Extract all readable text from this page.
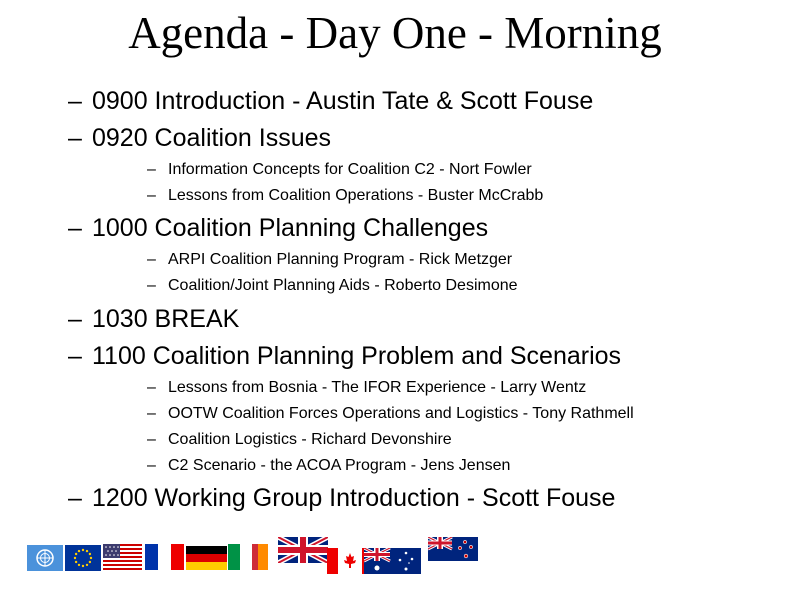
Agenda - Day One - Morning
– 0900 Introduction - Austin Tate & Scott Fouse
– 0920 Coalition Issues
– Information Concepts for Coalition C2 - Nort Fowler
– Lessons from Coalition Operations - Buster McCrabb
– 1000 Coalition Planning Challenges
– ARPI Coalition Planning Program - Rick Metzger
– Coalition/Joint Planning Aids - Roberto Desimone
– 1030 BREAK
– 1100 Coalition Planning Problem and Scenarios
– Lessons from Bosnia - The IFOR Experience - Larry Wentz
– OOTW Coalition Forces Operations and Logistics - Tony Rathmell
– Coalition Logistics - Richard Devonshire
– C2 Scenario - the ACOA Program - Jens Jensen
– 1200 Working Group Introduction - Scott Fouse
